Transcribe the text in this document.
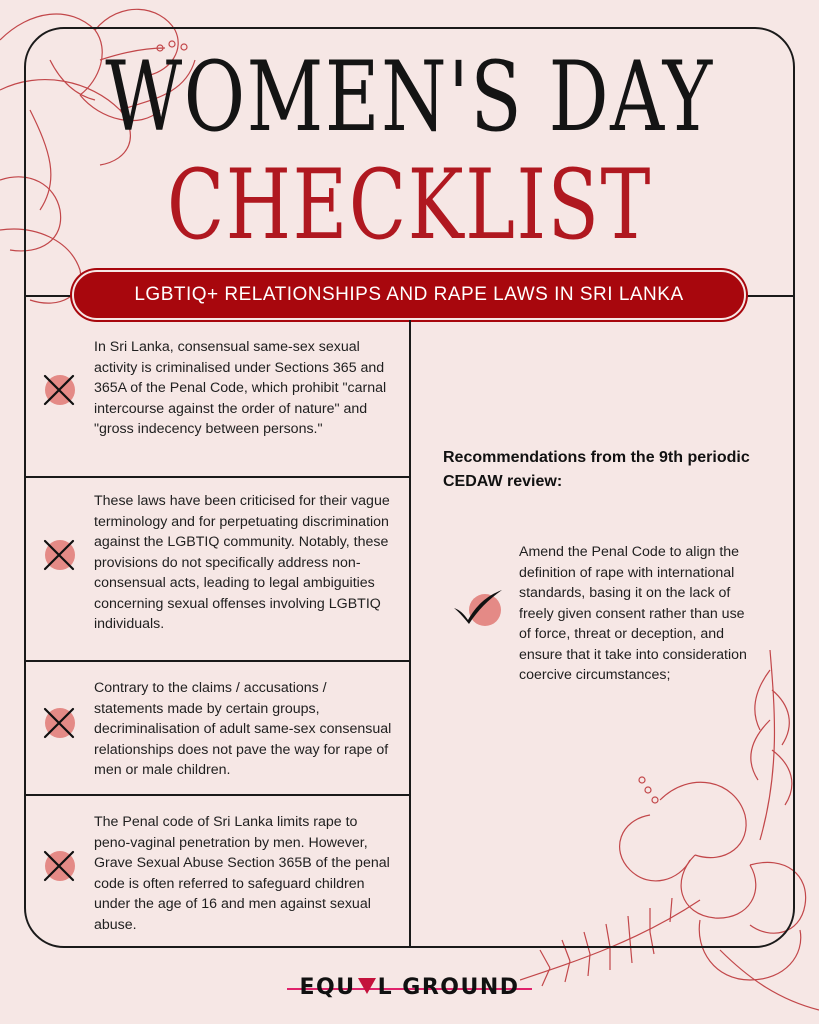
WOMEN'S DAY
CHECKLIST
LGBTIQ+ RELATIONSHIPS AND RAPE LAWS IN SRI LANKA
In Sri Lanka, consensual same-sex sexual activity is criminalised under Sections 365 and 365A of the Penal Code, which prohibit "carnal intercourse against the order of nature" and "gross indecency between persons."
These laws have been criticised for their vague terminology and for perpetuating discrimination against the LGBTIQ community. Notably, these provisions do not specifically address non-consensual acts, leading to legal ambiguities concerning sexual offenses involving LGBTIQ individuals.
Contrary to the claims / accusations / statements made by certain groups, decriminalisation of adult same-sex consensual relationships does not pave the way for rape of men or male children.
The Penal code of Sri Lanka limits rape to peno-vaginal penetration by men. However, Grave Sexual Abuse Section 365B of the penal code is often referred to safeguard children under the age of 16 and men against sexual abuse.
Recommendations from the 9th periodic CEDAW review:
Amend the Penal Code to align the definition of rape with international standards, basing it on the lack of freely given consent rather than use of force, threat or deception, and ensure that it take into consideration coercive circumstances;
EQU L GROUND
